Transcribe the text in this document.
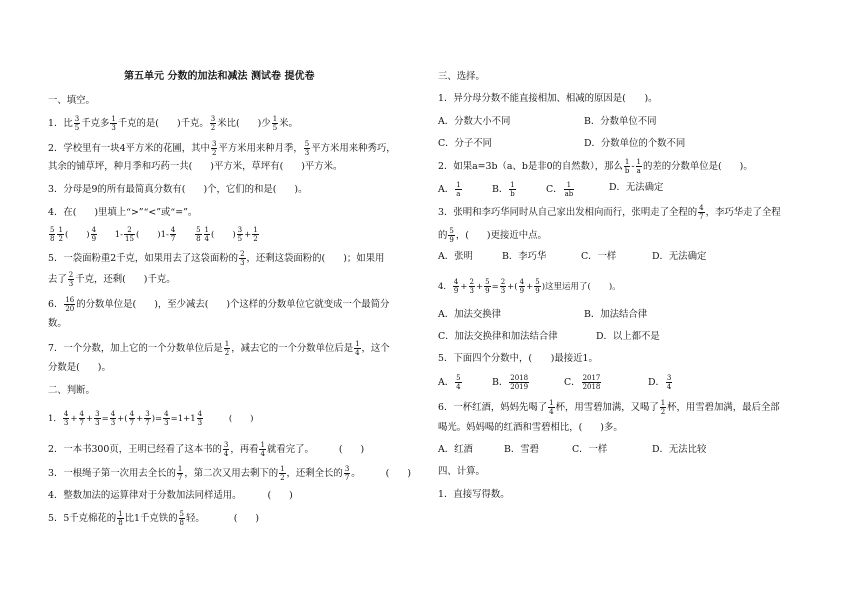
第五单元 分数的加法和减法 测试卷 提优卷
一、填空。
1．比 $\frac{3}{5}$ 千克多 $\frac{1}{3}$ 千克的是( )千克。 $\frac{3}{2}$ 米比( )少 $\frac{1}{5}$ 米。
2．学校里有一块4平方米的花圃，其中 $\frac{3}{2}$ 平方米用来种月季， $\frac{5}{3}$ 平方米用来种秀巧，
其余的铺草坪，种月季和巧药一共( )平方米，草坪有( )平方米。
3．分母是9的所有最简真分数有( )个，它们的和是( )。
4．在( )里填上“>”“<”或“=”。
$\frac{5}{8} \frac{1}{2}$ ( ) $\frac{4}{9} 1- \frac{2}{15}$ ( )$1- \frac{4}{7}$
	$\frac{5}{8} \frac{1}{4}$ ( ) $\frac{3}{5} + \frac{1}{2}$
5．一袋面粉重2千克，如果用去了这袋面粉的 $\frac{2}{3}$ ，还剩这袋面粉的( )；如果用
去了 $\frac{2}{3}$ 千克，还剩( )千克。
6． $\frac{16}{20}$ 的分数单位是( )，至少减去( )个这样的分数单位它就变成一个最简分
数。
7．一个分数，加上它的一个分数单位后是 $\frac{1}{2}$ ，减去它的一个分数单位后是 $\frac{1}{4}$ ，这个
分数是( )。
二、判断。
1． $\frac{4}{3} + \frac{4}{7} + \frac{3}{3} = \frac{4}{3}$ +( $\frac{4}{7} + \frac{3}{7}$ )= $\frac{4}{3} =1+1 \frac{4}{3}$	( )
2．一本书300页，王明已经看了这本书的 $\frac{3}{4}$ ，再看 $\frac{1}{4}$ 就看完了。	( )
3．一根绳子第一次用去全长的 $\frac{1}{7}$ ，第二次又用去剩下的 $\frac{1}{2}$ ，还剩全长的 $\frac{3}{7}$ 。	( )
4．整数加法的运算律对于分数加法同样适用。	( )
5．5千克棉花的 $\frac{1}{8}$ 比1千克铁的 $\frac{5}{8}$ 轻。	( )
三、选择。
1．异分母分数不能直接相加、相减的原因是(　　)。
A．分数大小不同	B．分数单位不同
C．分子不同	D．分数单位的个数不同
2．如果a=3b（a、b是非0的自然数），那么 $\frac{1}{b} - \frac{1}{a}$ 的差的分数单位是( )。
A． $\frac{1}{a}$	B． $\frac{1}{b}$	C． $\frac{1}{ab}$	D．无法确定
3．张明和李巧华同时从自己家出发相向而行，张明走了全程的 $\frac{4}{7}$ ，李巧华走了全程
的 $\frac{5}{9}$ ，( )更接近中点。
A．张明	B．李巧华	C．一样	D．无法确定
4． $\frac{4}{9} + \frac{2}{3} + \frac{5}{9} = \frac{2}{3}$ +( $\frac{4}{9} + \frac{5}{9}$ )这里运用了( )。
A．加法交换律	B．加法结合律
C．加法交换律和加法结合律	D．以上都不是
5．下面四个分数中，(　　)最接近1。
A． $\frac{5}{4}$	B． $\frac{2018}{2019}$	C． $\frac{2017}{2018}$	D． $\frac{3}{4}$
6．一杯红酒，妈妈先喝了 $\frac{1}{4}$ 杯，用雪碧加满，又喝了 $\frac{1}{2}$ 杯，用雪碧加满，最后全部
喝光。妈妈喝的红酒和雪碧相比，( )多。
A．红酒	B．雪碧	C．一样	D．无法比较
四、计算。
1．直接写得数。
